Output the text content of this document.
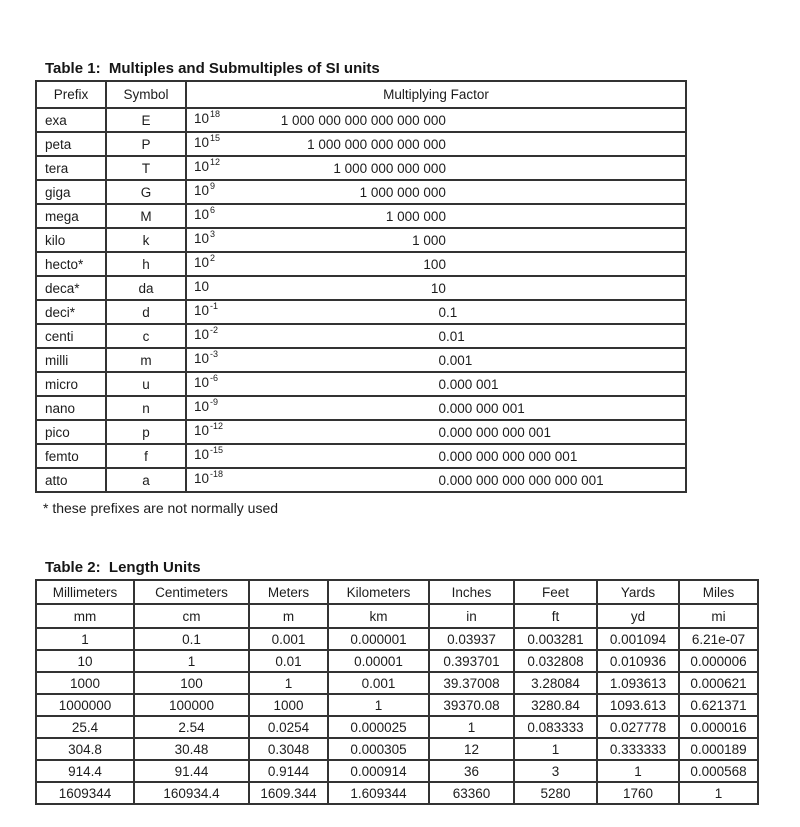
Table 1:  Multiples and Submultiples of SI units
Prefix	Symbol	Multiplying Factor
exa	E	$10^{18}$ 1 000 000 000 000 000 000

peta	P	$10^{15}$ 1 000 000 000 000 000

tera	T	$10^{12}$ 1 000 000 000 000

giga	G	$10^9$ 1 000 000 000

mega	M	$10^6$ 1 000 000

kilo	k	$10^3$ 1 000

hecto*	h	$10^2$ 100

deca*	da	10 10

deci*	d	$10^{-1}$ 0.1

centi	c	$10^{-2}$ 0.01

milli	m	$10^{-3}$ 0.001

micro	u	$10^{-6}$ 0.000 001

nano	n	$10^{-9}$ 0.000 000 001

pico	p	$10^{-12}$ 0.000 000 000 001

femto	f	$10^{-15}$ 0.000 000 000 000 001

atto	a	$10^{-18}$ 0.000 000 000 000 000 001
* these prefixes are not normally used
Table 2:  Length Units
Millimeters	Centimeters	Meters	Kilometers	Inches	Feet	Yards	Miles
mm	cm	m	km	in	ft	yd	mi
1	0.1	0.001	0.000001	0.03937	0.003281	0.001094	6.21e-07
10	1	0.01	0.00001	0.393701	0.032808	0.010936	0.000006
1000	100	1	0.001	39.37008	3.28084	1.093613	0.000621
1000000	100000	1000	1	39370.08	3280.84	1093.613	0.621371
25.4	2.54	0.0254	0.000025	1	0.083333	0.027778	0.000016
304.8	30.48	0.3048	0.000305	12	1	0.333333	0.000189
914.4	91.44	0.9144	0.000914	36	3	1	0.000568
1609344	160934.4	1609.344	1.609344	63360	5280	1760	1
